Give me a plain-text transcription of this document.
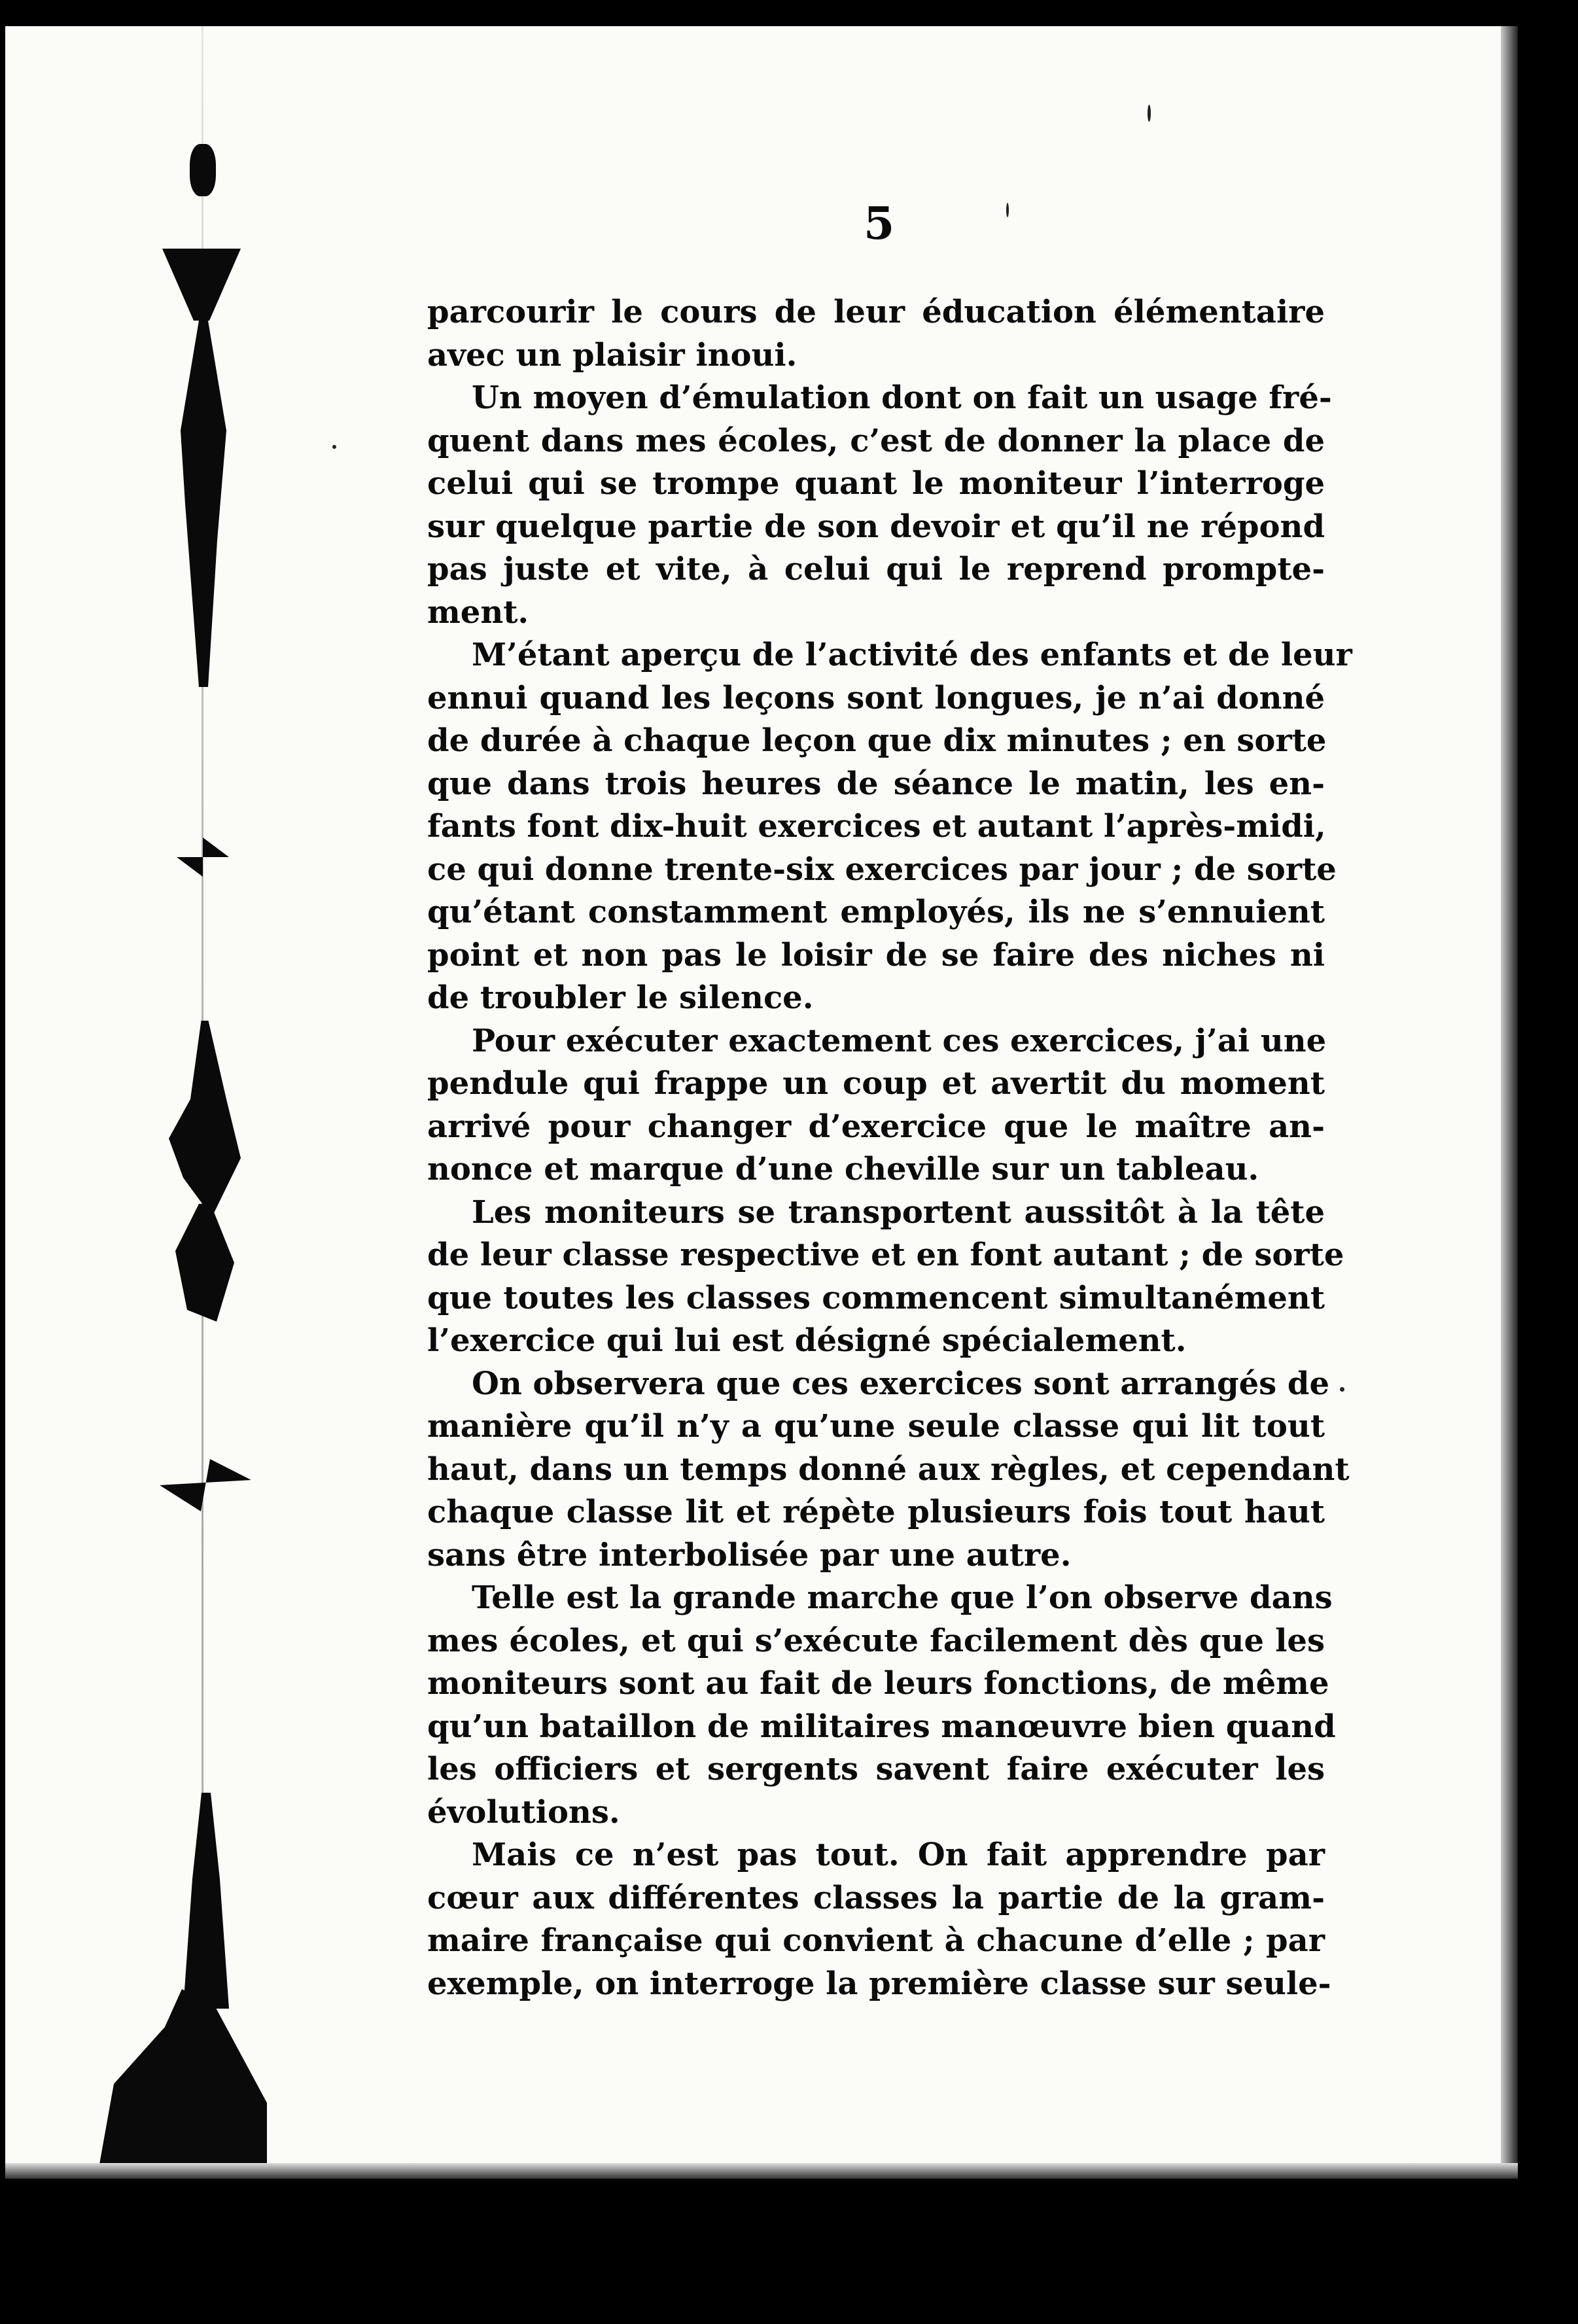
5
parcourir le cours de leur éducation élémentaire
avec un plaisir inoui.
Un moyen d’émulation dont on fait un usage fré-
quent dans mes écoles, c’est de donner la place de
celui qui se trompe quant le moniteur l’interroge
sur quelque partie de son devoir et qu’il ne répond
pas juste et vite, à celui qui le reprend prompte-
ment.
M’étant aperçu de l’activité des enfants et de leur
ennui quand les leçons sont longues, je n’ai donné
de durée à chaque leçon que dix minutes ; en sorte
que dans trois heures de séance le matin, les en-
fants font dix-huit exercices et autant l’après-midi,
ce qui donne trente-six exercices par jour ; de sorte
qu’étant constamment employés, ils ne s’ennuient
point et non pas le loisir de se faire des niches ni
de troubler le silence.
Pour exécuter exactement ces exercices, j’ai une
pendule qui frappe un coup et avertit du moment
arrivé pour changer d’exercice que le maître an-
nonce et marque d’une cheville sur un tableau.
Les moniteurs se transportent aussitôt à la tête
de leur classe respective et en font autant ; de sorte
que toutes les classes commencent simultanément
l’exercice qui lui est désigné spécialement.
On observera que ces exercices sont arrangés de
manière qu’il n’y a qu’une seule classe qui lit tout
haut, dans un temps donné aux règles, et cependant
chaque classe lit et répète plusieurs fois tout haut
sans être interbolisée par une autre.
Telle est la grande marche que l’on observe dans
mes écoles, et qui s’exécute facilement dès que les
moniteurs sont au fait de leurs fonctions, de même
qu’un bataillon de militaires manœuvre bien quand
les officiers et sergents savent faire exécuter les
évolutions.
Mais ce n’est pas tout. On fait apprendre par
cœur aux différentes classes la partie de la gram-
maire française qui convient à chacune d’elle ; par
exemple, on interroge la première classe sur seule-
